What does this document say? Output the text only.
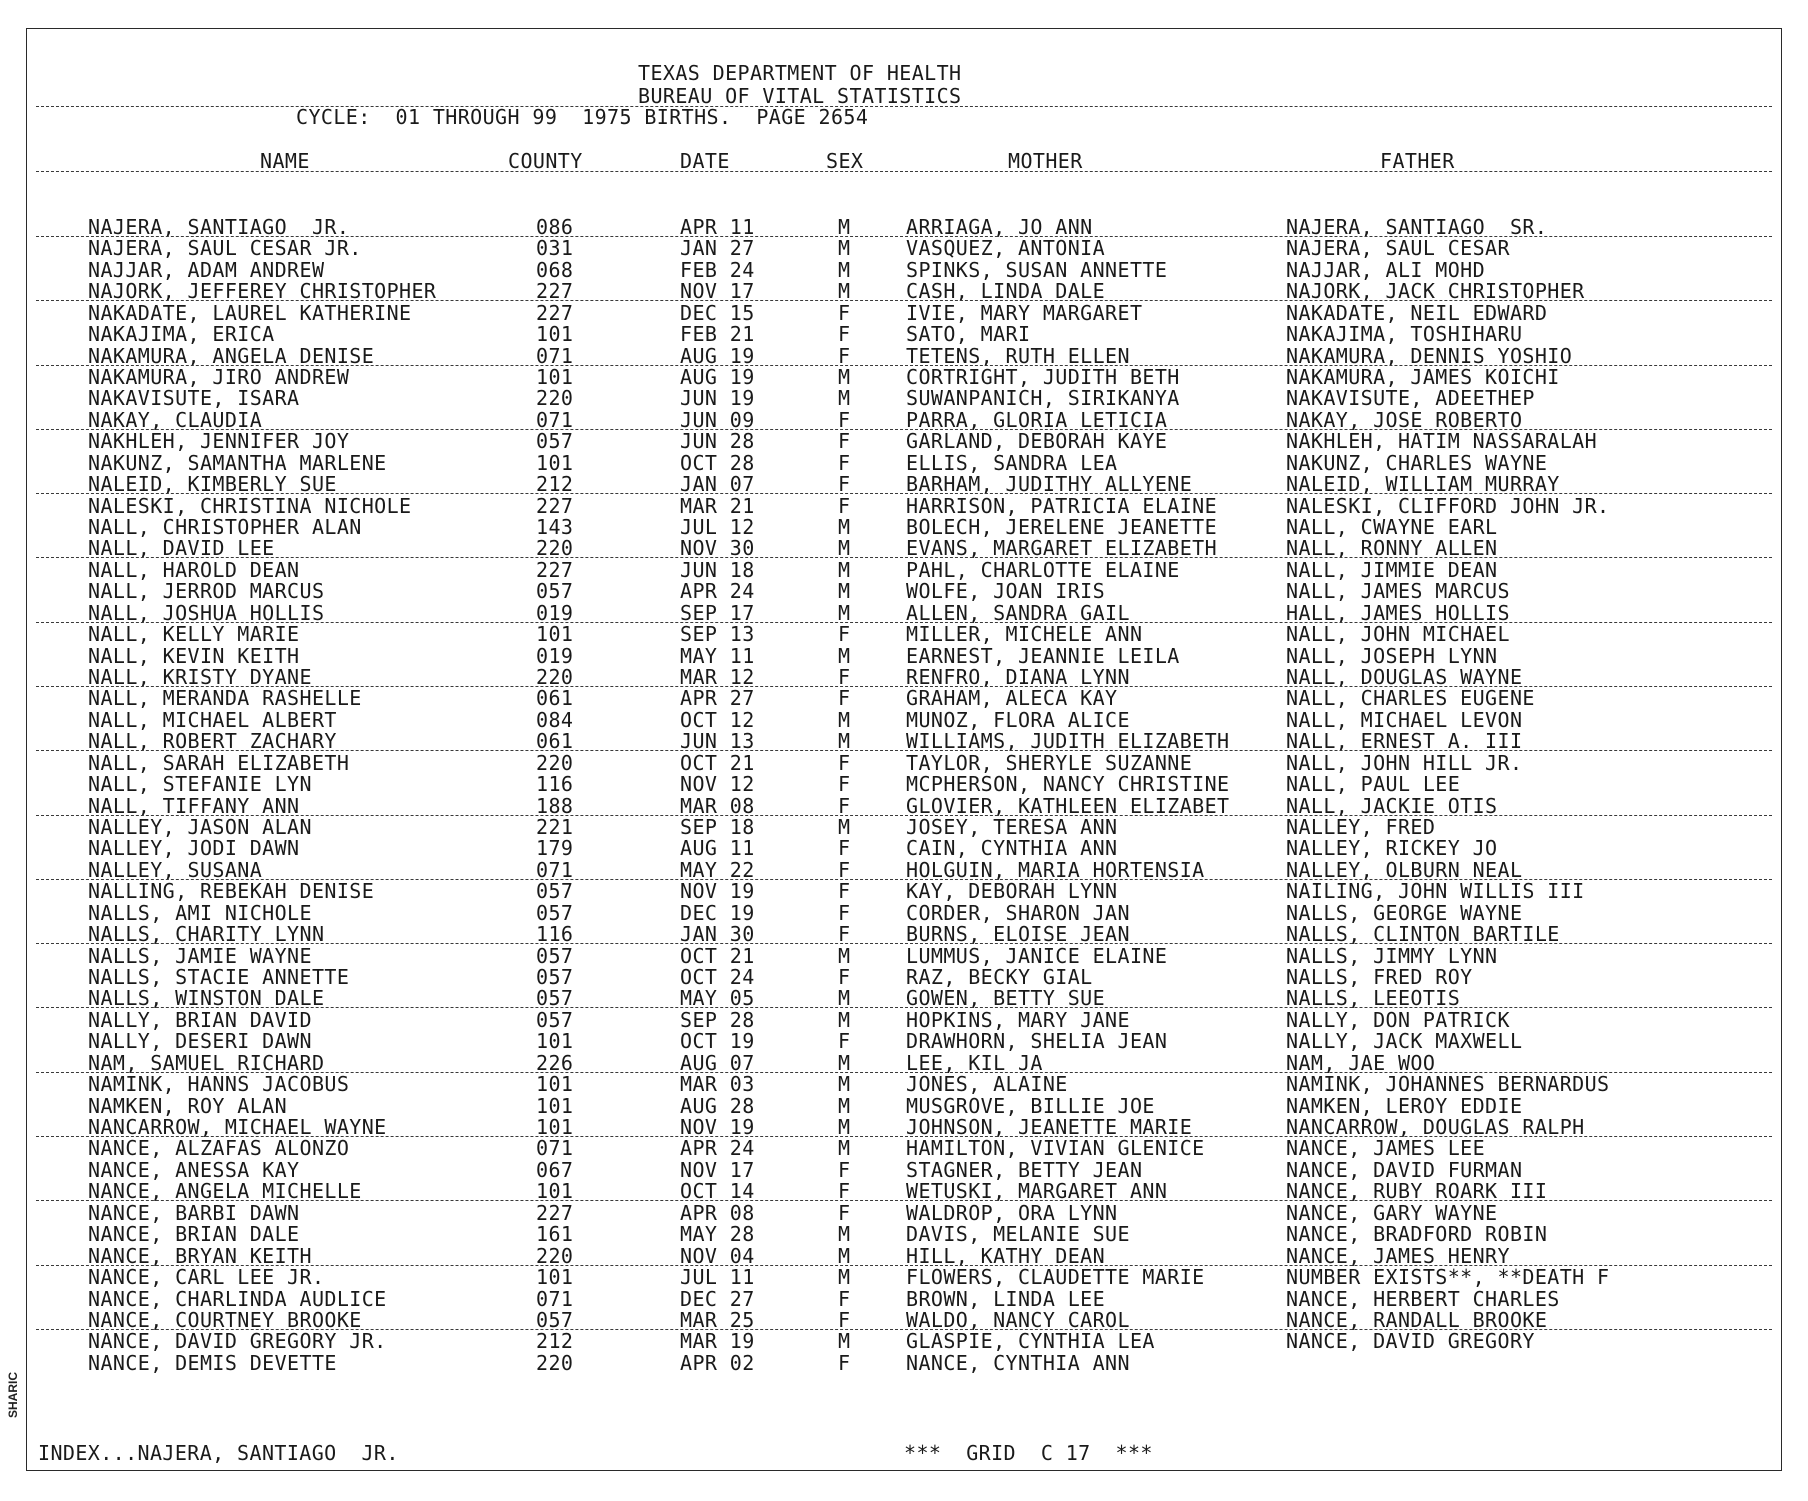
TEXAS DEPARTMENT OF HEALTH
BUREAU OF VITAL STATISTICS
CYCLE:  01 THROUGH 99  1975 BIRTHS.  PAGE 2654
NAME	COUNTY	DATE	SEX	MOTHER	FATHER
NAJERA, SANTIAGO  JR.	086	APR 11	M	ARRIAGA, JO ANN	NAJERA, SANTIAGO  SR.
NAJERA, SAUL CESAR JR.	031	JAN 27	M	VASQUEZ, ANTONIA	NAJERA, SAUL CESAR
NAJJAR, ADAM ANDREW	068	FEB 24	M	SPINKS, SUSAN ANNETTE	NAJJAR, ALI MOHD
NAJORK, JEFFEREY CHRISTOPHER	227	NOV 17	M	CASH, LINDA DALE	NAJORK, JACK CHRISTOPHER
NAKADATE, LAUREL KATHERINE	227	DEC 15	F	IVIE, MARY MARGARET	NAKADATE, NEIL EDWARD
NAKAJIMA, ERICA	101	FEB 21	F	SATO, MARI	NAKAJIMA, TOSHIHARU
NAKAMURA, ANGELA DENISE	071	AUG 19	F	TETENS, RUTH ELLEN	NAKAMURA, DENNIS YOSHIO
NAKAMURA, JIRO ANDREW	101	AUG 19	M	CORTRIGHT, JUDITH BETH	NAKAMURA, JAMES KOICHI
NAKAVISUTE, ISARA	220	JUN 19	M	SUWANPANICH, SIRIKANYA	NAKAVISUTE, ADEETHEP
NAKAY, CLAUDIA	071	JUN 09	F	PARRA, GLORIA LETICIA	NAKAY, JOSE ROBERTO
NAKHLEH, JENNIFER JOY	057	JUN 28	F	GARLAND, DEBORAH KAYE	NAKHLEH, HATIM NASSARALAH
NAKUNZ, SAMANTHA MARLENE	101	OCT 28	F	ELLIS, SANDRA LEA	NAKUNZ, CHARLES WAYNE
NALEID, KIMBERLY SUE	212	JAN 07	F	BARHAM, JUDITHY ALLYENE	NALEID, WILLIAM MURRAY
NALESKI, CHRISTINA NICHOLE	227	MAR 21	F	HARRISON, PATRICIA ELAINE	NALESKI, CLIFFORD JOHN JR.
NALL, CHRISTOPHER ALAN	143	JUL 12	M	BOLECH, JERELENE JEANETTE	NALL, CWAYNE EARL
NALL, DAVID LEE	220	NOV 30	M	EVANS, MARGARET ELIZABETH	NALL, RONNY ALLEN
NALL, HAROLD DEAN	227	JUN 18	M	PAHL, CHARLOTTE ELAINE	NALL, JIMMIE DEAN
NALL, JERROD MARCUS	057	APR 24	M	WOLFE, JOAN IRIS	NALL, JAMES MARCUS
NALL, JOSHUA HOLLIS	019	SEP 17	M	ALLEN, SANDRA GAIL	HALL, JAMES HOLLIS
NALL, KELLY MARIE	101	SEP 13	F	MILLER, MICHELE ANN	NALL, JOHN MICHAEL
NALL, KEVIN KEITH	019	MAY 11	M	EARNEST, JEANNIE LEILA	NALL, JOSEPH LYNN
NALL, KRISTY DYANE	220	MAR 12	F	RENFRO, DIANA LYNN	NALL, DOUGLAS WAYNE
NALL, MERANDA RASHELLE	061	APR 27	F	GRAHAM, ALECA KAY	NALL, CHARLES EUGENE
NALL, MICHAEL ALBERT	084	OCT 12	M	MUNOZ, FLORA ALICE	NALL, MICHAEL LEVON
NALL, ROBERT ZACHARY	061	JUN 13	M	WILLIAMS, JUDITH ELIZABETH	NALL, ERNEST A. III
NALL, SARAH ELIZABETH	220	OCT 21	F	TAYLOR, SHERYLE SUZANNE	NALL, JOHN HILL JR.
NALL, STEFANIE LYN	116	NOV 12	F	MCPHERSON, NANCY CHRISTINE	NALL, PAUL LEE
NALL, TIFFANY ANN	188	MAR 08	F	GLOVIER, KATHLEEN ELIZABET	NALL, JACKIE OTIS
NALLEY, JASON ALAN	221	SEP 18	M	JOSEY, TERESA ANN	NALLEY, FRED
NALLEY, JODI DAWN	179	AUG 11	F	CAIN, CYNTHIA ANN	NALLEY, RICKEY JO
NALLEY, SUSANA	071	MAY 22	F	HOLGUIN, MARIA HORTENSIA	NALLEY, OLBURN NEAL
NALLING, REBEKAH DENISE	057	NOV 19	F	KAY, DEBORAH LYNN	NAILING, JOHN WILLIS III
NALLS, AMI NICHOLE	057	DEC 19	F	CORDER, SHARON JAN	NALLS, GEORGE WAYNE
NALLS, CHARITY LYNN	116	JAN 30	F	BURNS, ELOISE JEAN	NALLS, CLINTON BARTILE
NALLS, JAMIE WAYNE	057	OCT 21	M	LUMMUS, JANICE ELAINE	NALLS, JIMMY LYNN
NALLS, STACIE ANNETTE	057	OCT 24	F	RAZ, BECKY GIAL	NALLS, FRED ROY
NALLS, WINSTON DALE	057	MAY 05	M	GOWEN, BETTY SUE	NALLS, LEEOTIS
NALLY, BRIAN DAVID	057	SEP 28	M	HOPKINS, MARY JANE	NALLY, DON PATRICK
NALLY, DESERI DAWN	101	OCT 19	F	DRAWHORN, SHELIA JEAN	NALLY, JACK MAXWELL
NAM, SAMUEL RICHARD	226	AUG 07	M	LEE, KIL JA	NAM, JAE WOO
NAMINK, HANNS JACOBUS	101	MAR 03	M	JONES, ALAINE	NAMINK, JOHANNES BERNARDUS
NAMKEN, ROY ALAN	101	AUG 28	M	MUSGROVE, BILLIE JOE	NAMKEN, LEROY EDDIE
NANCARROW, MICHAEL WAYNE	101	NOV 19	M	JOHNSON, JEANETTE MARIE	NANCARROW, DOUGLAS RALPH
NANCE, ALZAFAS ALONZO	071	APR 24	M	HAMILTON, VIVIAN GLENICE	NANCE, JAMES LEE
NANCE, ANESSA KAY	067	NOV 17	F	STAGNER, BETTY JEAN	NANCE, DAVID FURMAN
NANCE, ANGELA MICHELLE	101	OCT 14	F	WETUSKI, MARGARET ANN	NANCE, RUBY ROARK III
NANCE, BARBI DAWN	227	APR 08	F	WALDROP, ORA LYNN	NANCE, GARY WAYNE
NANCE, BRIAN DALE	161	MAY 28	M	DAVIS, MELANIE SUE	NANCE, BRADFORD ROBIN
NANCE, BRYAN KEITH	220	NOV 04	M	HILL, KATHY DEAN	NANCE, JAMES HENRY
NANCE, CARL LEE JR.	101	JUL 11	M	FLOWERS, CLAUDETTE MARIE	NUMBER EXISTS**, **DEATH F
NANCE, CHARLINDA AUDLICE	071	DEC 27	F	BROWN, LINDA LEE	NANCE, HERBERT CHARLES
NANCE, COURTNEY BROOKE	057	MAR 25	F	WALDO, NANCY CAROL	NANCE, RANDALL BROOKE
NANCE, DAVID GREGORY JR.	212	MAR 19	M	GLASPIE, CYNTHIA LEA	NANCE, DAVID GREGORY
NANCE, DEMIS DEVETTE	220	APR 02	F	NANCE, CYNTHIA ANN
INDEX...NAJERA, SANTIAGO  JR.	***  GRID  C 17  ***
SHARIC
